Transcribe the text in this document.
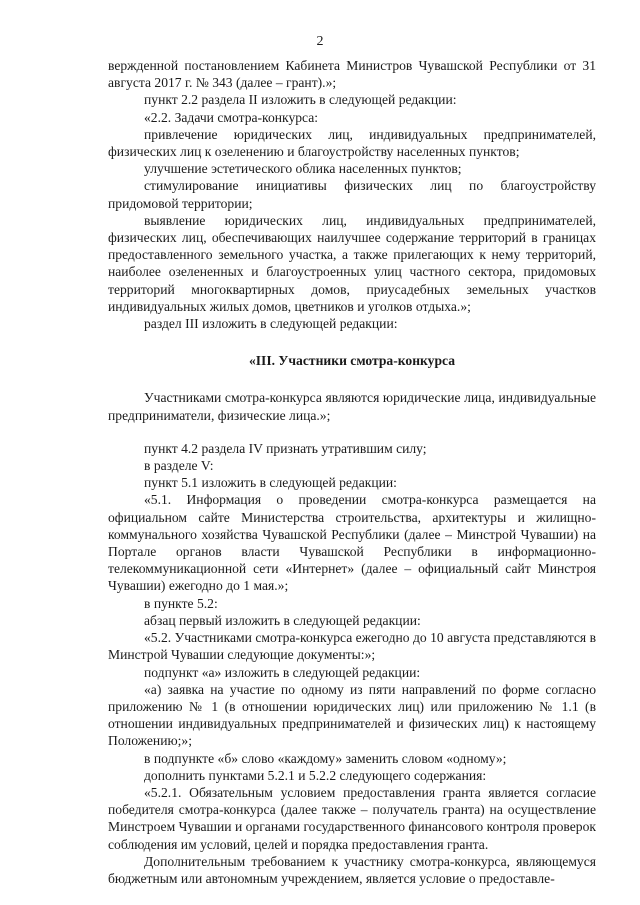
2

вержденной постановлением Кабинета Министров Чувашской Республики от 31 августа 2017 г. № 343 (далее – грант).»;

пункт 2.2 раздела II изложить в следующей редакции:

«2.2. Задачи смотра-конкурса:

привлечение юридических лиц, индивидуальных предпринимателей, физических лиц к озеленению и благоустройству населенных пунктов;

улучшение эстетического облика населенных пунктов;

стимулирование инициативы физических лиц по благоустройству придомовой территории;

выявление юридических лиц, индивидуальных предпринимателей, физических лиц, обеспечивающих наилучшее содержание территорий в границах предоставленного земельного участка, а также прилегающих к нему территорий, наиболее озелененных и благоустроенных улиц частного сектора, придомовых территорий многоквартирных домов, приусадебных земельных участков индивидуальных жилых домов, цветников и уголков отдыха.»;

раздел III изложить в следующей редакции:

«III. Участники смотра-конкурса

Участниками смотра-конкурса являются юридические лица, индивидуальные предприниматели, физические лица.»;

пункт 4.2 раздела IV признать утратившим силу;

в разделе V:

пункт 5.1 изложить в следующей редакции:

«5.1. Информация о проведении смотра-конкурса размещается на официальном сайте Министерства строительства, архитектуры и жилищно-коммунального хозяйства Чувашской Республики (далее – Минстрой Чувашии) на Портале органов власти Чувашской Республики в информационно-телекоммуникационной сети «Интернет» (далее – официальный сайт Минстроя Чувашии) ежегодно до 1 мая.»;

в пункте 5.2:

абзац первый изложить в следующей редакции:

«5.2. Участниками смотра-конкурса ежегодно до 10 августа представляются в Минстрой Чувашии следующие документы:»;

подпункт «а» изложить в следующей редакции:

«а) заявка на участие по одному из пяти направлений по форме согласно приложению № 1 (в отношении юридических лиц) или приложению № 1.1 (в отношении индивидуальных предпринимателей и физических лиц) к настоящему Положению;»;

в подпункте «б» слово «каждому» заменить словом «одному»;

дополнить пунктами 5.2.1 и 5.2.2 следующего содержания:

«5.2.1. Обязательным условием предоставления гранта является согласие победителя смотра-конкурса (далее также – получатель гранта) на осуществление Минстроем Чувашии и органами государственного финансового контроля проверок соблюдения им условий, целей и порядка предоставления гранта.

Дополнительным требованием к участнику смотра-конкурса, являющемуся бюджетным или автономным учреждением, является условие о предоставле-
